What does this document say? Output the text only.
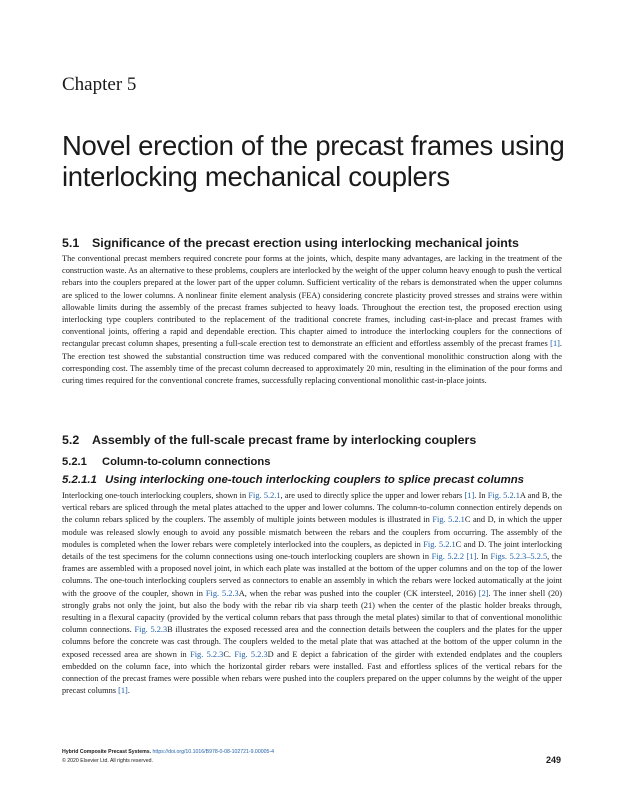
Chapter 5
Novel erection of the precast frames using interlocking mechanical couplers
5.1 Significance of the precast erection using interlocking mechanical joints

The conventional precast members required concrete pour forms at the joints, which, despite many advantages, are lacking in the treatment of the construction waste. As an alternative to these problems, couplers are interlocked by the weight of the upper column heavy enough to push the vertical rebars into the couplers prepared at the lower part of the upper column. Sufficient verticality of the rebars is demonstrated when the upper columns are spliced to the lower columns. A nonlinear finite element analysis (FEA) considering concrete plasticity proved stresses and strains were within allowable limits during the assembly of the precast frames subjected to heavy loads. Throughout the erection test, the proposed erection using interlocking type couplers contributed to the replacement of the traditional concrete frames, including cast-in-place and precast frames with conventional joints, offering a rapid and dependable erection. This chapter aimed to introduce the interlocking couplers for the connections of rectangular precast column shapes, presenting a full-scale erection test to demonstrate an efficient and effortless assembly of the precast frames [1]. The erection test showed the substantial construction time was reduced compared with the conventional monolithic construction along with the corresponding cost. The assembly time of the precast column decreased to approximately 20 min, resulting in the elimination of the pour forms and curing times required for the conventional concrete frames, successfully replacing conventional monolithic cast-in-place joints.

5.2 Assembly of the full-scale precast frame by interlocking couplers
5.2.1 Column-to-column connections
5.2.1.1 Using interlocking one-touch interlocking couplers to splice precast columns

Interlocking one-touch interlocking couplers, shown in Fig. 5.2.1, are used to directly splice the upper and lower rebars [1]. In Fig. 5.2.1A and B, the vertical rebars are spliced through the metal plates attached to the upper and lower columns. The column-to-column connection entirely depends on the column rebars spliced by the couplers. The assembly of multiple joints between modules is illustrated in Fig. 5.2.1C and D, in which the upper module was released slowly enough to avoid any possible mismatch between the rebars and the couplers from occurring. The assembly of the modules is completed when the lower rebars were completely interlocked into the couplers, as depicted in Fig. 5.2.1C and D. The joint interlocking details of the test specimens for the column connections using one-touch interlocking couplers are shown in Fig. 5.2.2 [1]. In Figs. 5.2.3–5.2.5, the frames are assembled with a proposed novel joint, in which each plate was installed at the bottom of the upper columns and on the top of the lower columns. The one-touch interlocking couplers served as connectors to enable an assembly in which the rebars were locked automatically at the joint with the groove of the coupler, shown in Fig. 5.2.3A, when the rebar was pushed into the coupler (CK intersteel, 2016) [2]. The inner shell (20) strongly grabs not only the joint, but also the body with the rebar rib via sharp teeth (21) when the center of the plastic holder breaks through, resulting in a flexural capacity (provided by the vertical column rebars that pass through the metal plates) similar to that of conventional monolithic column connections. Fig. 5.2.3B illustrates the exposed recessed area and the connection details between the couplers and the plates for the upper columns before the concrete was cast through. The couplers welded to the metal plate that was attached at the bottom of the upper column in the exposed recessed area are shown in Fig. 5.2.3C. Fig. 5.2.3D and E depict a fabrication of the girder with extended endplates and the couplers embedded on the column face, into which the horizontal girder rebars were installed. Fast and effortless splices of the vertical rebars for the connection of the precast frames were possible when rebars were pushed into the couplers prepared on the upper columns by the weight of the upper precast columns [1].

Hybrid Composite Precast Systems. https://doi.org/10.1016/B978-0-08-102721-9.00005-4
© 2020 Elsevier Ltd. All rights reserved.	249
